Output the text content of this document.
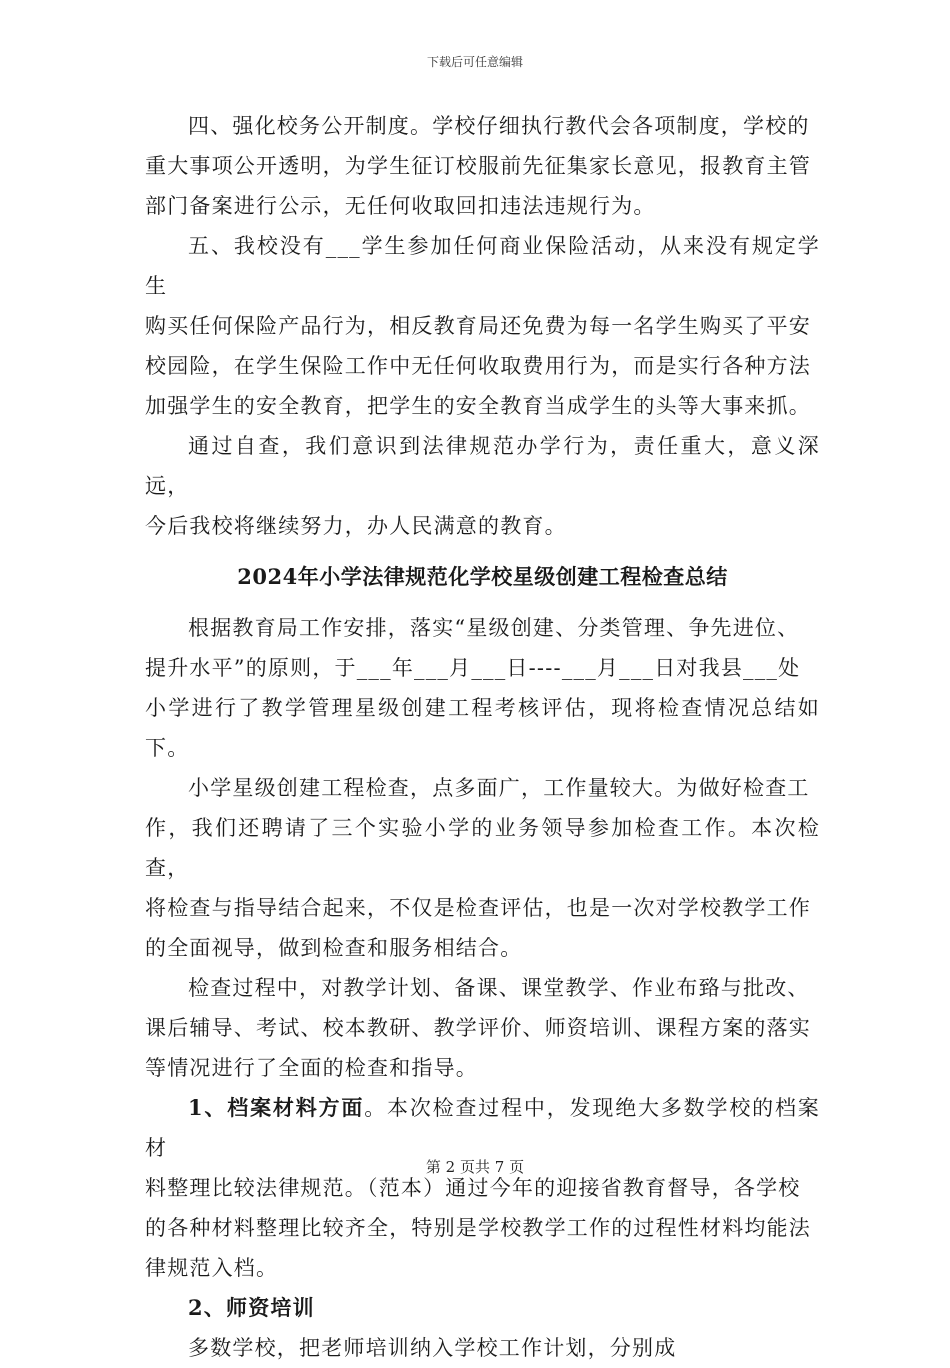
下载后可任意编辑

四、强化校务公开制度。学校仔细执行教代会各项制度，学校的
重大事项公开透明，为学生征订校服前先征集家长意见，报教育主管
部门备案进行公示，无任何收取回扣违法违规行为。

五、我校没有___学生参加任何商业保险活动，从来没有规定学生
购买任何保险产品行为，相反教育局还免费为每一名学生购买了平安
校园险，在学生保险工作中无任何收取费用行为，而是实行各种方法
加强学生的安全教育，把学生的安全教育当成学生的头等大事来抓。

通过自查，我们意识到法律规范办学行为，责任重大，意义深远，
今后我校将继续努力，办人民满意的教育。

2024年小学法律规范化学校星级创建工程检查总结

根据教育局工作安排，落实“星级创建、分类管理、争先进位、
提升水平”的原则，于___年___月___日----___月___日对我县___处
小学进行了教学管理星级创建工程考核评估，现将检查情况总结如下。

小学星级创建工程检查，点多面广，工作量较大。为做好检查工
作，我们还聘请了三个实验小学的业务领导参加检查工作。本次检查，
将检查与指导结合起来，不仅是检查评估，也是一次对学校教学工作
的全面视导，做到检查和服务相结合。

检查过程中，对教学计划、备课、课堂教学、作业布臵与批改、
课后辅导、考试、校本教研、教学评价、师资培训、课程方案的落实
等情况进行了全面的检查和指导。

1、档案材料方面。本次检查过程中，发现绝大多数学校的档案材
料整理比较法律规范。（范本）通过今年的迎接省教育督导，各学校
的各种材料整理比较齐全，特别是学校教学工作的过程性材料均能法
律规范入档。

2、师资培训

多数学校，把老师培训纳入学校工作计划，分别成

第 2 页共 7 页
